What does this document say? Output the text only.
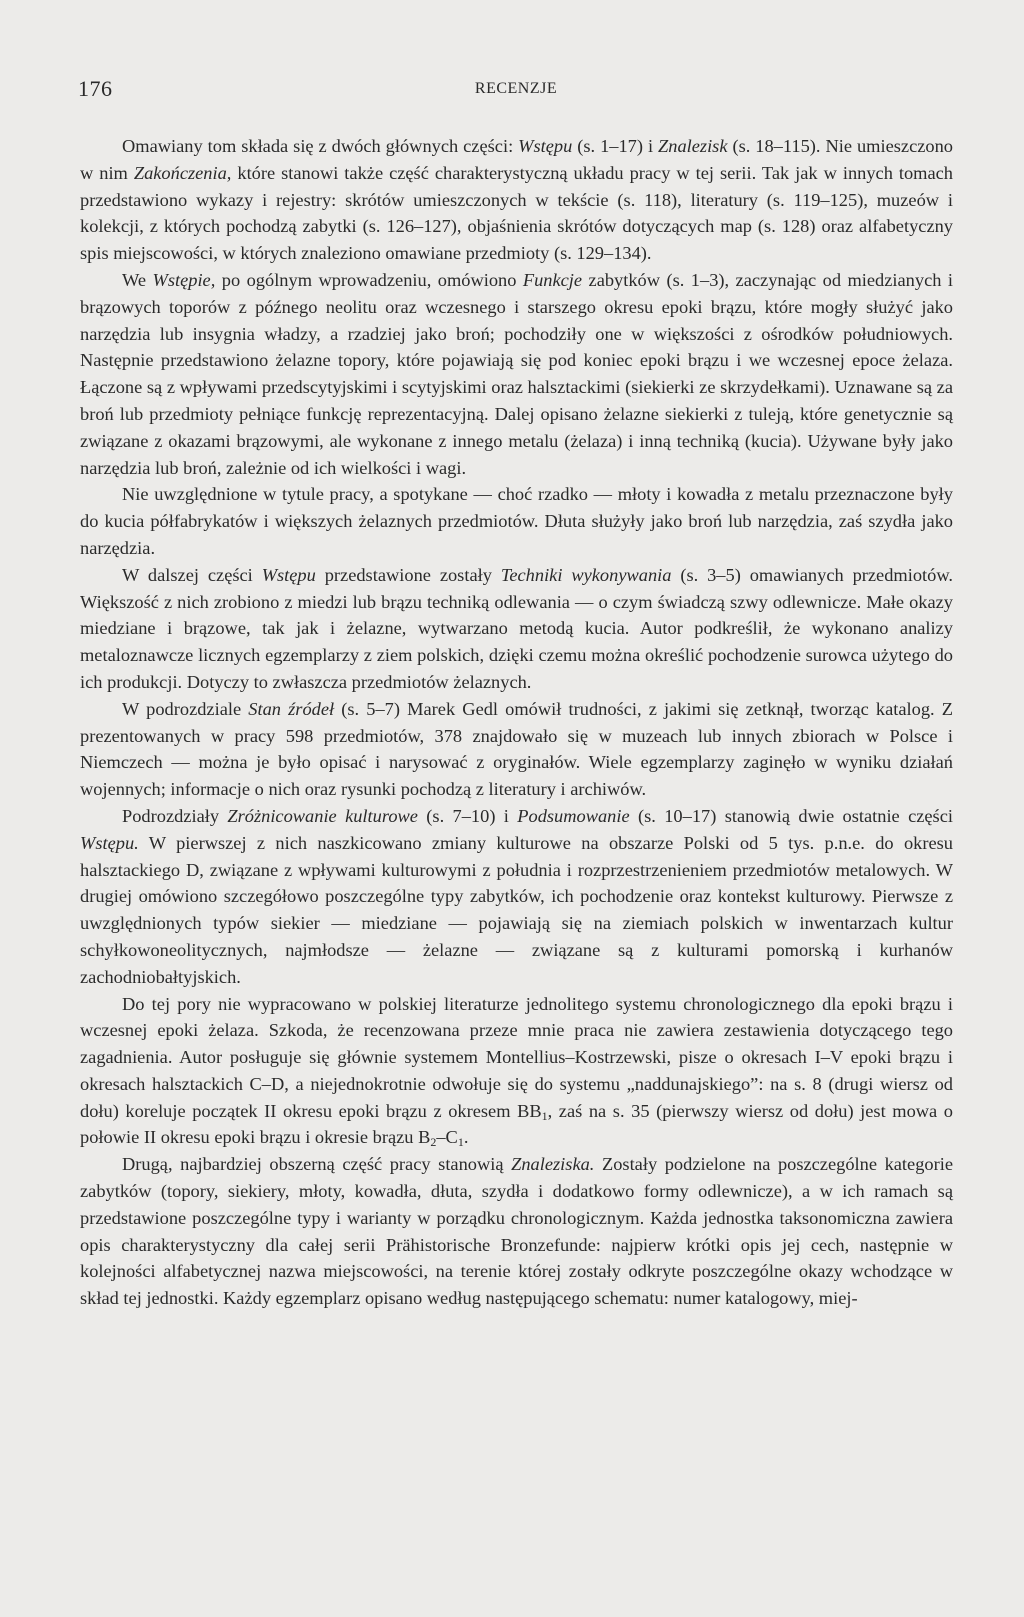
176	RECENZJE

Omawiany tom składa się z dwóch głównych części: Wstępu (s. 1–17) i Znalezisk (s. 18–115). Nie umieszczono w nim Zakończenia, które stanowi także część charakterystyczną układu pracy w tej serii. Tak jak w innych tomach przedstawiono wykazy i rejestry: skrótów umieszczonych w tekście (s. 118), literatury (s. 119–125), muzeów i kolekcji, z których pochodzą zabytki (s. 126–127), objaśnienia skrótów dotyczących map (s. 128) oraz alfabetyczny spis miejscowości, w których znaleziono omawiane przedmioty (s. 129–134).

We Wstępie, po ogólnym wprowadzeniu, omówiono Funkcje zabytków (s. 1–3), zaczynając od miedzianych i brązowych toporów z późnego neolitu oraz wczesnego i starszego okresu epoki brązu, które mogły służyć jako narzędzia lub insygnia władzy, a rzadziej jako broń; pochodziły one w większości z ośrodków południowych. Następnie przedstawiono żelazne topory, które pojawiają się pod koniec epoki brązu i we wczesnej epoce żelaza. Łączone są z wpływami przedscytyjskimi i scytyjskimi oraz halsztackimi (siekierki ze skrzydełkami). Uznawane są za broń lub przedmioty pełniące funkcję reprezentacyjną. Dalej opisano żelazne siekierki z tuleją, które genetycznie są związane z okazami brązowymi, ale wykonane z innego metalu (żelaza) i inną techniką (kucia). Używane były jako narzędzia lub broń, zależnie od ich wielkości i wagi.

Nie uwzględnione w tytule pracy, a spotykane — choć rzadko — młoty i kowadła z metalu przeznaczone były do kucia półfabrykatów i większych żelaznych przedmiotów. Dłuta służyły jako broń lub narzędzia, zaś szydła jako narzędzia.

W dalszej części Wstępu przedstawione zostały Techniki wykonywania (s. 3–5) omawianych przedmiotów. Większość z nich zrobiono z miedzi lub brązu techniką odlewania — o czym świadczą szwy odlewnicze. Małe okazy miedziane i brązowe, tak jak i żelazne, wytwarzano metodą kucia. Autor podkreślił, że wykonano analizy metaloznawcze licznych egzemplarzy z ziem polskich, dzięki czemu można określić pochodzenie surowca użytego do ich produkcji. Dotyczy to zwłaszcza przedmiotów żelaznych.

W podrozdziale Stan źródeł (s. 5–7) Marek Gedl omówił trudności, z jakimi się zetknął, tworząc katalog. Z prezentowanych w pracy 598 przedmiotów, 378 znajdowało się w muzeach lub innych zbiorach w Polsce i Niemczech — można je było opisać i narysować z oryginałów. Wiele egzemplarzy zaginęło w wyniku działań wojennych; informacje o nich oraz rysunki pochodzą z literatury i archiwów.

Podrozdziały Zróżnicowanie kulturowe (s. 7–10) i Podsumowanie (s. 10–17) stanowią dwie ostatnie części Wstępu. W pierwszej z nich naszkicowano zmiany kulturowe na obszarze Polski od 5 tys. p.n.e. do okresu halsztackiego D, związane z wpływami kulturowymi z południa i rozprzestrzenieniem przedmiotów metalowych. W drugiej omówiono szczegółowo poszczególne typy zabytków, ich pochodzenie oraz kontekst kulturowy. Pierwsze z uwzględnionych typów siekier — miedziane — pojawiają się na ziemiach polskich w inwentarzach kultur schyłkowoneolitycznych, najmłodsze — żelazne — związane są z kulturami pomorską i kurhanów zachodniobałtyjskich.

Do tej pory nie wypracowano w polskiej literaturze jednolitego systemu chronologicznego dla epoki brązu i wczesnej epoki żelaza. Szkoda, że recenzowana przeze mnie praca nie zawiera zestawienia dotyczącego tego zagadnienia. Autor posługuje się głównie systemem Montellius–Kostrzewski, pisze o okresach I–V epoki brązu i okresach halsztackich C–D, a niejednokrotnie odwołuje się do systemu „naddunajskiego”: na s. 8 (drugi wiersz od dołu) koreluje początek II okresu epoki brązu z okresem $BB_1$, zaś na s. 35 (pierwszy wiersz od dołu) jest mowa o połowie II okresu epoki brązu i okresie brązu $B_2-C_1$.

Drugą, najbardziej obszerną część pracy stanowią Znaleziska. Zostały podzielone na poszczególne kategorie zabytków (topory, siekiery, młoty, kowadła, dłuta, szydła i dodatkowo formy odlewnicze), a w ich ramach są przedstawione poszczególne typy i warianty w porządku chronologicznym. Każda jednostka taksonomiczna zawiera opis charakterystyczny dla całej serii Prähistorische Bronzefunde: najpierw krótki opis jej cech, następnie w kolejności alfabetycznej nazwa miejscowości, na terenie której zostały odkryte poszczególne okazy wchodzące w skład tej jednostki. Każdy egzemplarz opisano według następującego schematu: numer katalogowy, miej-
